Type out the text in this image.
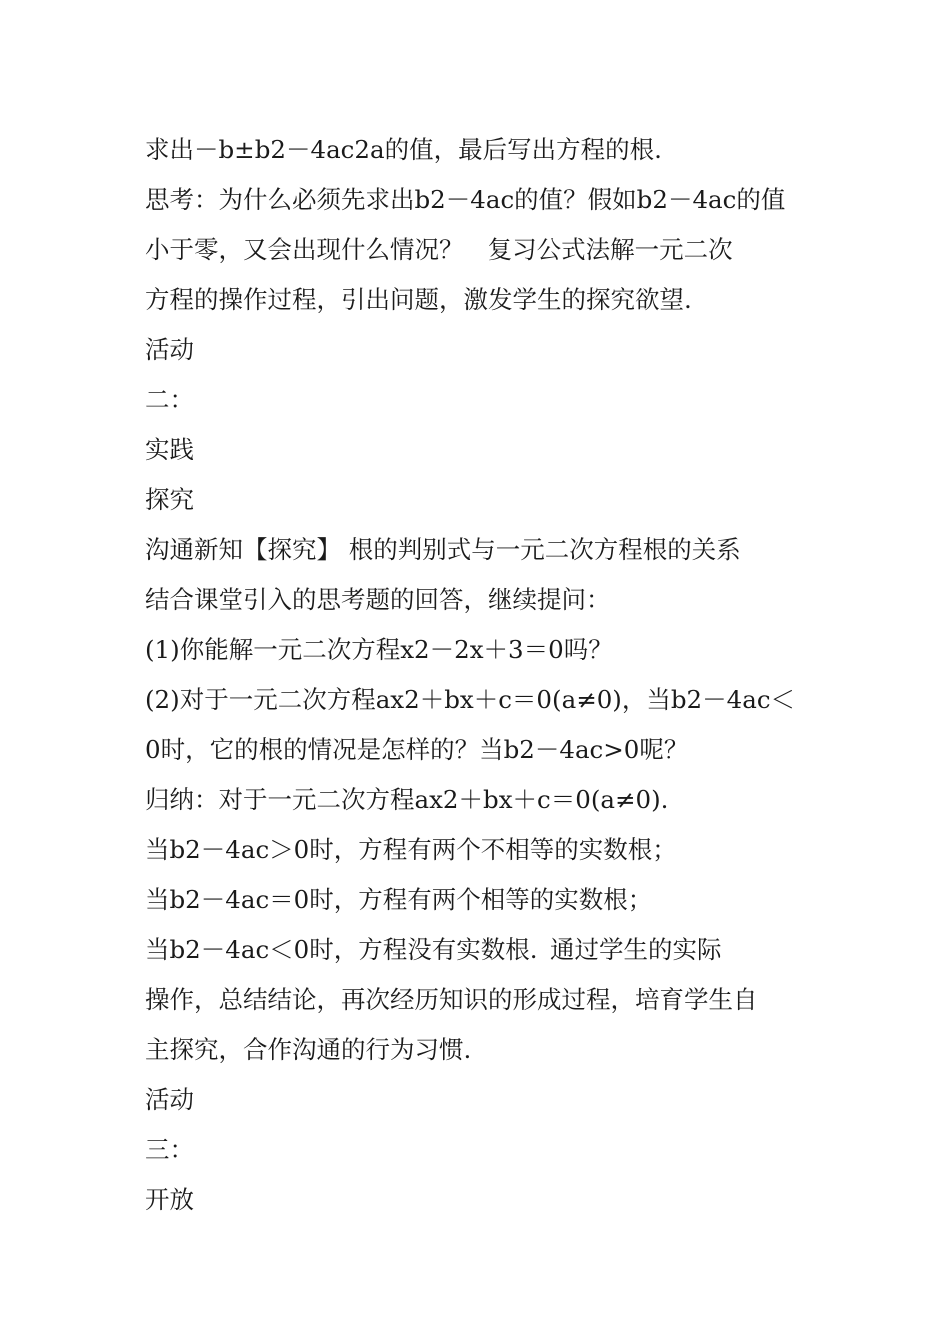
求出－b±b2－4ac2a的值，最后写出方程的根.
思考：为什么必须先求出b2－4ac的值？假如b2－4ac的值
小于零，又会出现什么情况？	复习公式法解一元二次
方程的操作过程，引出问题，激发学生的探究欲望.
活动
二：
实践
探究
沟通新知【探究】 根的判别式与一元二次方程根的关系
结合课堂引入的思考题的回答，继续提问：
(1)你能解一元二次方程x2－2x＋3＝0吗？
(2)对于一元二次方程ax2＋bx＋c＝0(a≠0)，当b2－4ac＜
0时，它的根的情况是怎样的？当b2－4ac>0呢？
归纳：对于一元二次方程ax2＋bx＋c＝0(a≠0).
当b2－4ac＞0时，方程有两个不相等的实数根；
当b2－4ac＝0时，方程有两个相等的实数根；
当b2－4ac＜0时，方程没有实数根.	通过学生的实际
操作，总结结论，再次经历知识的形成过程，培育学生自
主探究，合作沟通的行为习惯.
活动
三：
开放
